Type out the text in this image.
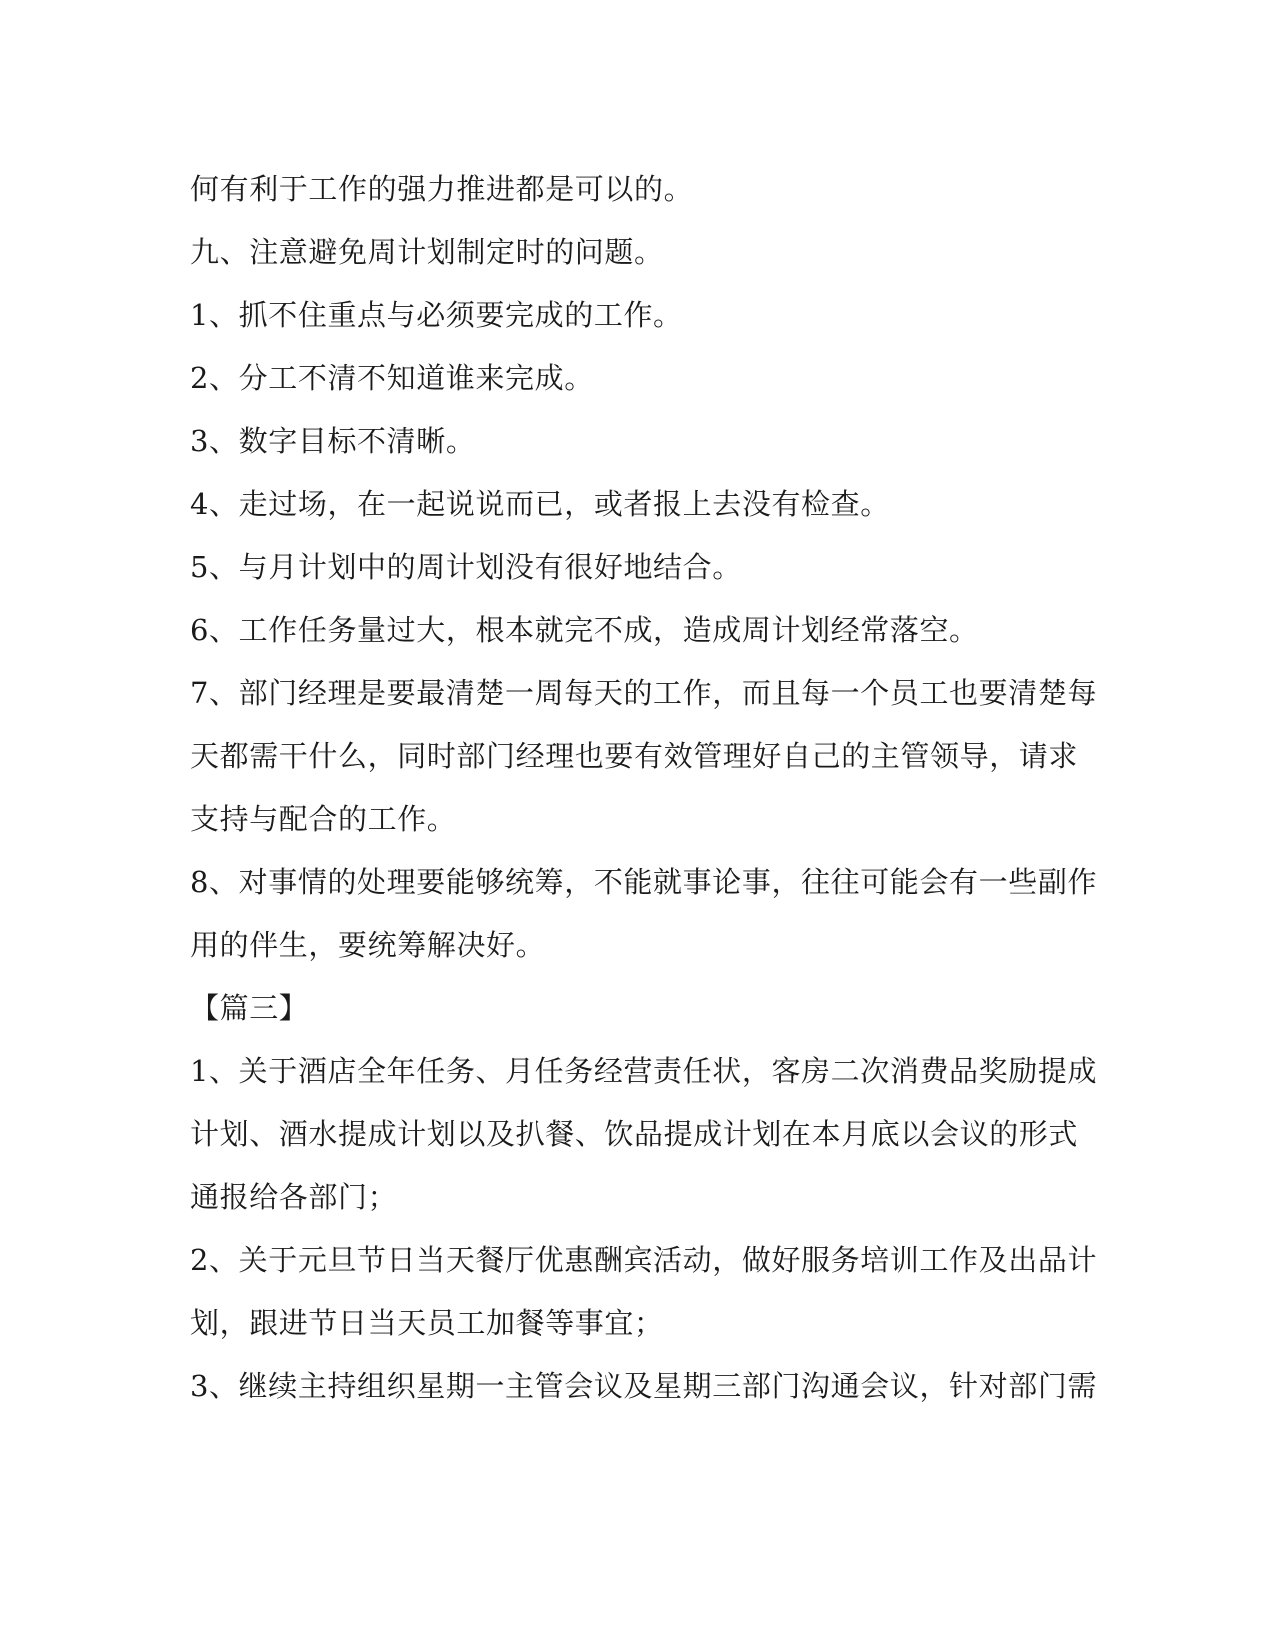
何有利于工作的强力推进都是可以的。
九、注意避免周计划制定时的问题。
1、抓不住重点与必须要完成的工作。
2、分工不清不知道谁来完成。
3、数字目标不清晰。
4、走过场，在一起说说而已，或者报上去没有检查。
5、与月计划中的周计划没有很好地结合。
6、工作任务量过大，根本就完不成，造成周计划经常落空。
7、部门经理是要最清楚一周每天的工作，而且每一个员工也要清楚每
天都需干什么，同时部门经理也要有效管理好自己的主管领导，请求
支持与配合的工作。
8、对事情的处理要能够统筹，不能就事论事，往往可能会有一些副作
用的伴生，要统筹解决好。
【篇三】
1、关于酒店全年任务、月任务经营责任状，客房二次消费品奖励提成
计划、酒水提成计划以及扒餐、饮品提成计划在本月底以会议的形式
通报给各部门；
2、关于元旦节日当天餐厅优惠酬宾活动，做好服务培训工作及出品计
划，跟进节日当天员工加餐等事宜；
3、继续主持组织星期一主管会议及星期三部门沟通会议，针对部门需
